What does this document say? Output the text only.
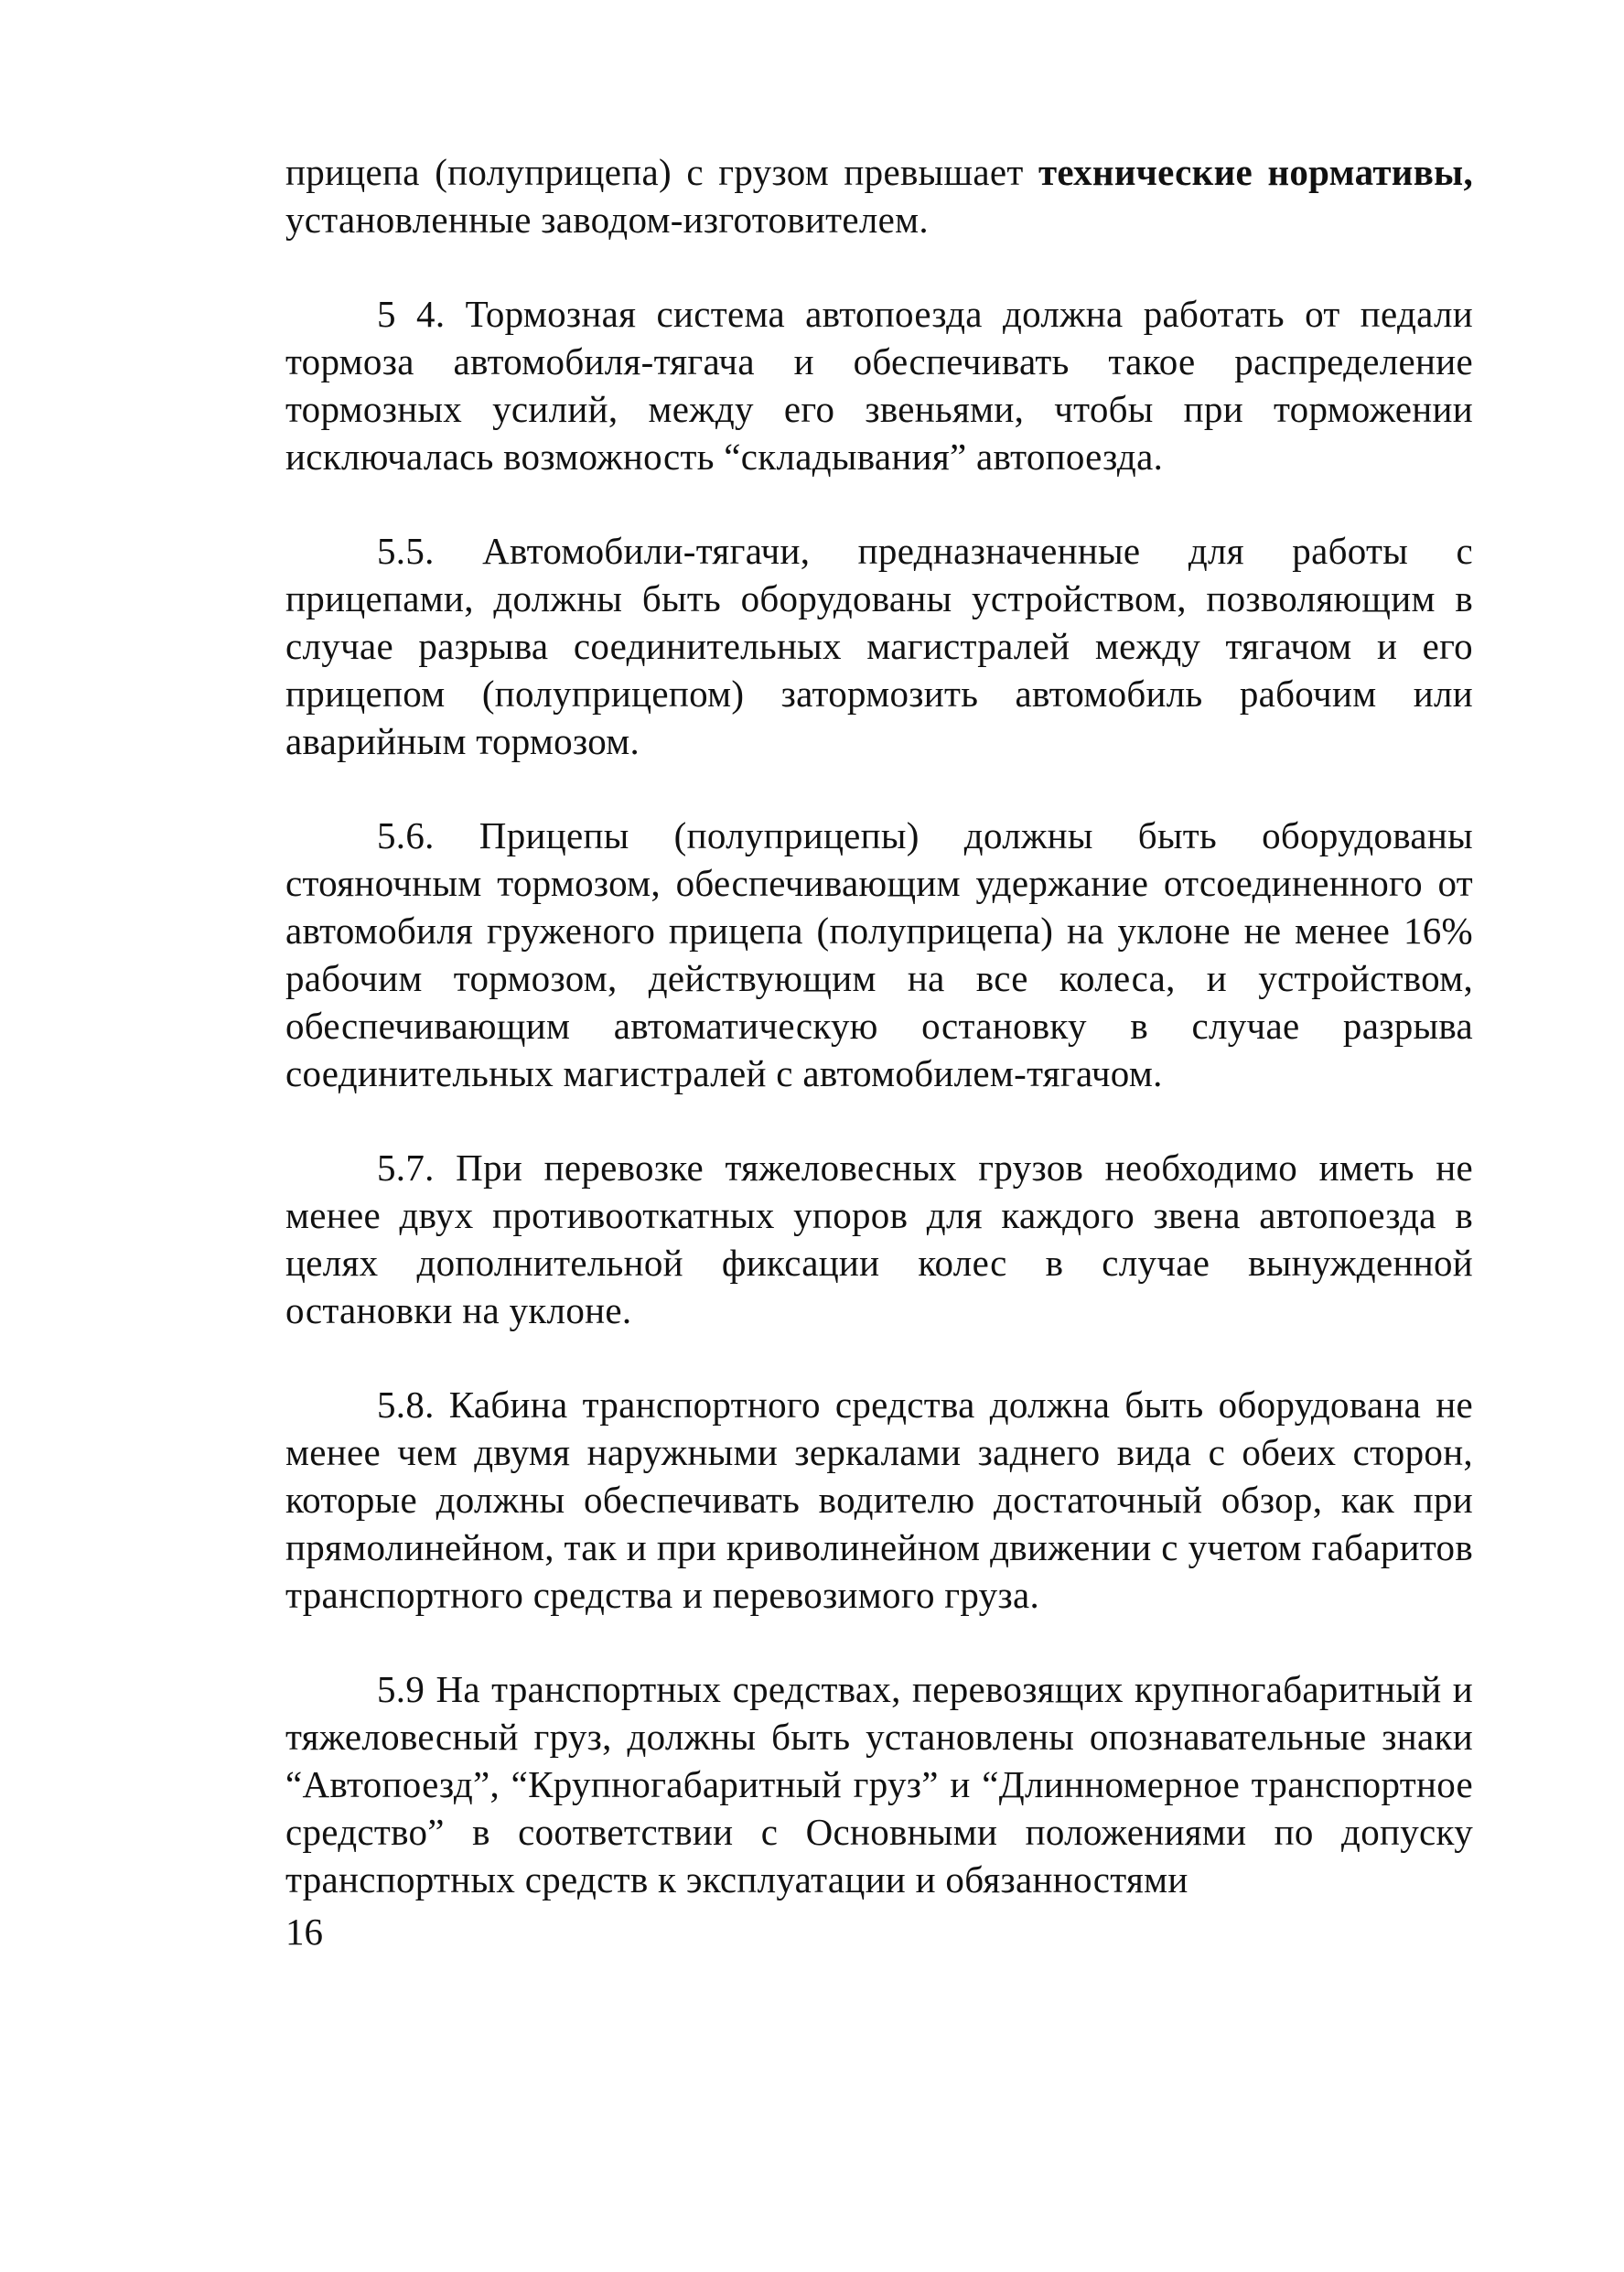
прицепа (полуприцепа) с грузом превышает технические нормативы, установленные заводом-изготовителем.

5 4. Тормозная система автопоезда должна работать от педали тормоза автомобиля-тягача и обеспечивать такое распределение тормозных усилий, между его звеньями, чтобы при торможении исключалась возможность “складывания” автопоезда.

5.5. Автомобили-тягачи, предназначенные для работы с прицепами, должны быть оборудованы устройством, позволяющим в случае разрыва соединительных магистралей между тягачом и его прицепом (полуприцепом) затормозить автомобиль рабочим или аварийным тормозом.

5.6. Прицепы (полуприцепы) должны быть оборудованы стояночным тормозом, обеспечивающим удержание отсоединенного от автомобиля груженого прицепа (полуприцепа) на уклоне не менее 16% рабочим тормозом, действующим на все колеса, и устройством, обеспечивающим автоматическую остановку в случае разрыва соединительных магистралей с автомобилем-тягачом.

5.7. При перевозке тяжеловесных грузов необходимо иметь не менее двух противооткатных упоров для каждого звена автопоезда в целях дополнительной фиксации колес в случае вынужденной остановки на уклоне.

5.8. Кабина транспортного средства должна быть оборудована не менее чем двумя наружными зеркалами заднего вида с обеих сторон, которые должны обеспечивать водителю достаточный обзор, как при прямолинейном, так и при криволинейном движении с учетом габаритов транспортного средства и перевозимого груза.

5.9 На транспортных средствах, перевозящих крупногабаритный и тяжеловесный груз, должны быть установлены опознавательные знаки “Автопоезд”, “Крупногабаритный груз” и “Длинномерное транспортное средство” в соответствии с Основными положениями по допуску транспортных средств к эксплуатации и обязанностями

16
